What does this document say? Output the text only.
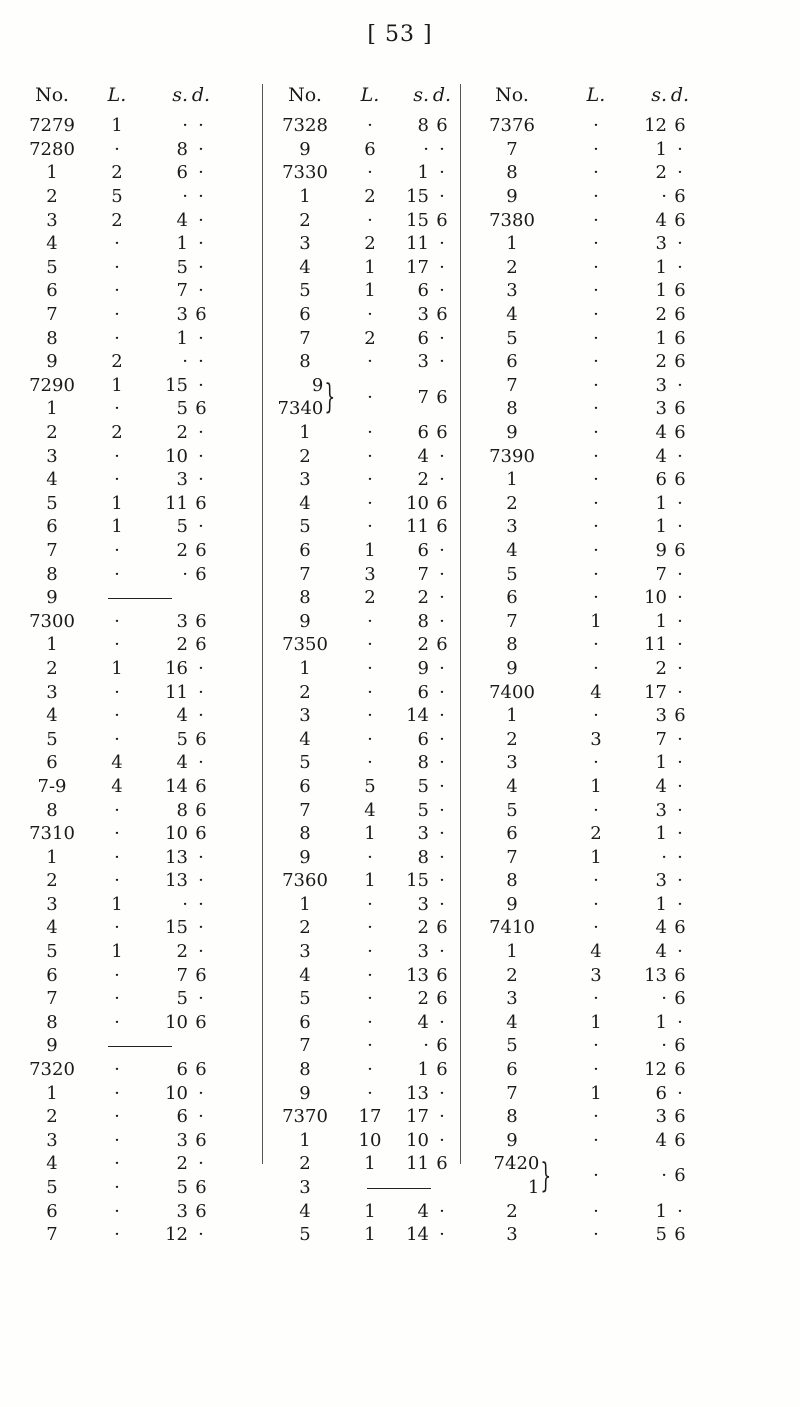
[ 53 ]
No.	L.	s. d.
7279	1	· ·
7280	·	8 ·
1	2	6 ·
2	5	· ·
3	2	4 ·
4	·	1 ·
5	·	5 ·
6	·	7 ·
7	·	3 6
8	·	1 ·
9	2	· ·
7290	1	15 ·
1	·	5 6
2	2	2 ·
3	·	10 ·
4	·	3 ·
5	1	11 6
6	1	5 ·
7	·	2 6
8	·	· 6
9
7300	·	3 6
1	·	2 6
2	1	16 ·
3	·	11 ·
4	·	4 ·
5	·	5 6
6	4	4 ·
7-9	4	14 6
8	·	8 6
7310	·	10 6
1	·	13 ·
2	·	13 ·
3	1	· ·
4	·	15 ·
5	1	2 ·
6	·	7 6
7	·	5 ·
8	·	10 6
9
7320	·	6 6
1	·	10 ·
2	·	6 ·
3	·	3 6
4	·	2 ·
5	·	5 6
6	·	3 6
7	·	12 ·
No.	L.	s. d.
7328	·	8 6
9	6	· ·
7330	·	1 ·
1	2	15 ·
2	·	15 6
3	2	11 ·
4	1	17 ·
5	1	6 ·
6	·	3 6
7	2	6 ·
8	·	3 ·
9
7340 }	·	7 6
1	·	6 6
2	·	4 ·
3	·	2 ·
4	·	10 6
5	·	11 6
6	1	6 ·
7	3	7 ·
8	2	2 ·
9	·	8 ·
7350	·	2 6
1	·	9 ·
2	·	6 ·
3	·	14 ·
4	·	6 ·
5	·	8 ·
6	5	5 ·
7	4	5 ·
8	1	3 ·
9	·	8 ·
7360	1	15 ·
1	·	3 ·
2	·	2 6
3	·	3 ·
4	·	13 6
5	·	2 6
6	·	4 ·
7	·	· 6
8	·	1 6
9	·	13 ·
7370	17	17 ·
1	10	10 ·
2	1	11 6
3
4	1	4 ·
5	1	14 ·
No.	L.	s. d.
7376	·	12 6
7	·	1 ·
8	·	2 ·
9	·	· 6
7380	·	4 6
1	·	3 ·
2	·	1 ·
3	·	1 6
4	·	2 6
5	·	1 6
6	·	2 6
7	·	3 ·
8	·	3 6
9	·	4 6
7390	·	4 ·
1	·	6 6
2	·	1 ·
3	·	1 ·
4	·	9 6
5	·	7 ·
6	·	10 ·
7	1	1 ·
8	·	11 ·
9	·	2 ·
7400	4	17 ·
1	·	3 6
2	3	7 ·
3	·	1 ·
4	1	4 ·
5	·	3 ·
6	2	1 ·
7	1	· ·
8	·	3 ·
9	·	1 ·
7410	·	4 6
1	4	4 ·
2	3	13 6
3	·	· 6
4	1	1 ·
5	·	· 6
6	·	12 6
7	1	6 ·
8	·	3 6
9	·	4 6
7420
1 }	·	· 6
2	·	1 ·
3	·	5 6
